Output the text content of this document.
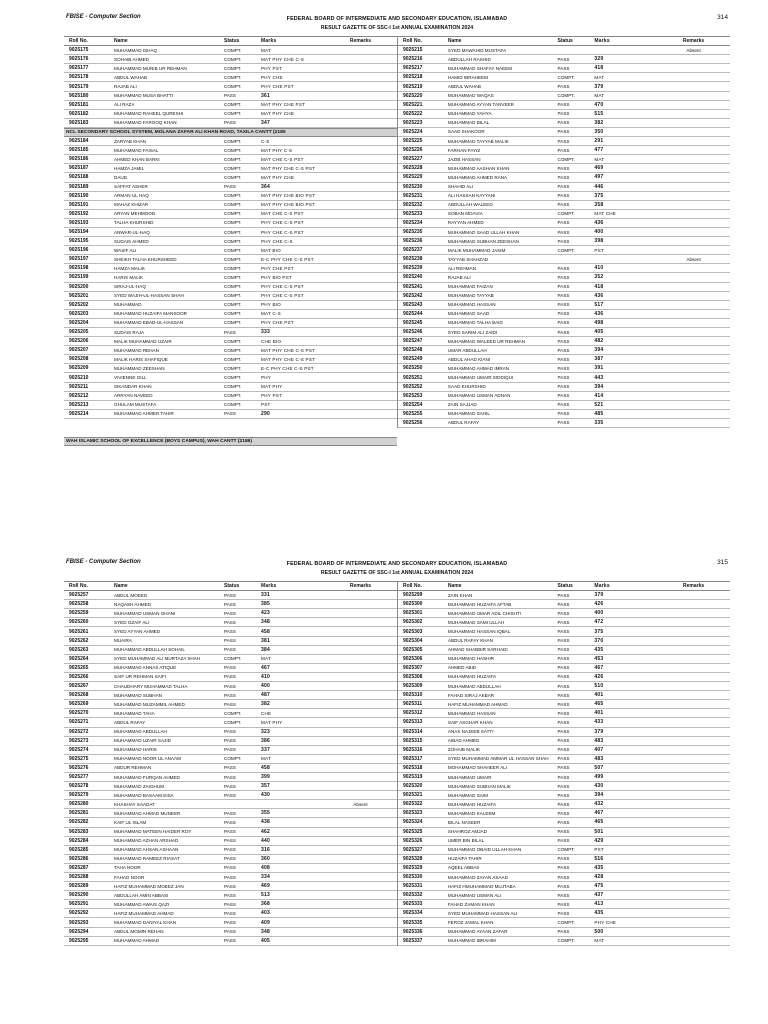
FBISE - Computer Section	314
FEDERAL BOARD OF INTERMEDIATE AND SECONDARY EDUCATION, ISLAMABAD
RESULT GAZETTE OF SSC-I 1st ANNUAL EXAMINATION 2024
Roll No.	Name	Status	Marks	Remarks
9025175	MUHAMMAD ISHAQ	COMPT.	MAT
9025176	SOHAIB AHMED	COMPT.	MAT PHY CHE C-S
9025177	MUHAMMAD MUNIB UR REHMAN	COMPT.	PHY PST
9025178	ABDUL WAHAB	COMPT.	PHY CHE
9025179	RAJAB ALI	COMPT.	PHY CHE PST
9025180	MUHAMMAD MUSA BHATTI	PASS	361
9025181	ALI RAZA	COMPT.	MAT PHY CHE PST
9025182	MUHAMMAD RAHEEL QURESHI	COMPT.	MAT PHY CHE
9025183	MUHAMMAD FAROOQ KHAN	PASS	347
9025184	ZARYAB KHAN	COMPT.	C-S
9025185	MUHAMMAD FAISAL	COMPT.	MAT PHY C-S
9025186	AHMED KHAN BARKI	COMPT.	MAT CHE C-S PST
9025187	HAMZA JAMIL	COMPT.	MAT PHY CHE C-S PST
9025188	DAUD	COMPT.	MAT PHY CHE
9025189	SAFFAT ASHER	PASS	364
9025190	ARMAN UL HAQ	COMPT.	MAT PHY CHE BIO PST
9025191	MAHAZ KHIZAR	COMPT.	MAT PHY CHE BIO PST
9025192	ARYAN MEHMOOD	COMPT.	MAT CHE C-S PST
9025193	TALHA KHURSHID	COMPT.	PHY CHE C-S PST
9025194	ANWAR-UL-HAQ	COMPT.	PHY CHE C-S PST
9025195	SUDAIS AHMED	COMPT.	PHY CHE C-S
9025196	WASIF ALI	COMPT.	MAT BIO
9025197	SHEIKH TALHA KHURSHEED	COMPT.	E-C PHY CHE C-S PST
9025198	HAMZA MALIK	COMPT.	PHY CHE PST
9025199	HARIS MALIK	COMPT.	PHY BIO PST
9025200	SIRAJ-UL-HAQ	COMPT.	PHY CHE C-S PST
9025201	SYED WAJIH-UL-HASSAN SHAH	COMPT.	PHY CHE C-S PST
9025202	MUHAMMAD	COMPT.	PHY BIO
9025203	MUHAMMAD HUZAIFA MANSOOR	COMPT.	MAT C-S
9025204	MUHAMMAD EBAD-UL-HASSAN	COMPT.	PHY CHE PST
9025205	SUDAIS RAJA	PASS	333
9025206	MALIK MUHAMMAD UZAIR	COMPT.	CHE BIO
9025207	MUHAMMAD REHAN	COMPT.	MAT PHY CHE C-S PST
9025208	MALIK HARIS SHAFIQUE	COMPT.	MAT PHY CHE C-S PST
9025209	MUHAMMAD ZEESHAN	COMPT.	E-C PHY CHE C-S PST
9025210	VIVIENNE GILL	COMPT.	PHY
9025211	SIKANDAR KHAN	COMPT.	MAT PHY
9025212	ARRYAN NAVEED	COMPT.	PHY PST
9025213	GHULAM MUSTAFA	COMPT.	PST
9025214	MUHAMMAD AHMER TAHIR	PASS	290
Roll No.	Name	Status	Marks	Remarks
9025215	SYED MAWAHID MUSTAFA	Absent
9025216	ABDULLAH RASHID	PASS	329
9025217	MUHAMMAD SHAFAY NAEEM	PASS	418
9025218	HAMID IBRAHEEM	COMPT.	MAT
9025219	ABDUL WAHAB	PASS	379
9025220	MUHAMMAD WAQAS	COMPT.	MAT
9025221	MUHAMMAD AYYAN TANVEER	PASS	470
9025222	MUHAMMAD YAHYA	PASS	515
9025223	MUHAMMAD BILAL	PASS	382
9025224	SAAD SHAKOOR	PASS	350
9025225	MUHAMMAD TAYYAB MALIK	PASS	291
9025226	FARHAN FAYIZ	PASS	477
9025227	JAZIB HASSAN	COMPT.	MAT
9025228	MUHAMMAD AASHAN KHAN	PASS	469
9025229	MUHAMMAD AHMED RANA	PASS	497
9025230	SHAHID ALI	PASS	446
9025231	ALI HASSAN KAYYANI	PASS	375
9025232	ABDULLAH WALEED	PASS	358
9025233	SOBAN MOAVIA	COMPT.	MAT CHE
9025234	RAYYAN AHMED	PASS	436
9025235	MUHAMMAD SAAD ULLAH KHAN	PASS	400
9025236	MUHAMMAD SUBHAN ZEESHAN	PASS	398
9025237	MALIK MUHAMMAD JASIM	COMPT.	PST
9025238	TAYYAB SHAHZAD	Absent
9025239	ALI REHMAN	PASS	410
9025240	RAJAB ALI	PASS	352
9025241	MUHAMMAD FAIZAN	PASS	418
9025242	MUHAMMAD TAYYAB	PASS	436
9025243	MUHAMMAD HASSAN	PASS	517
9025244	MUHAMMAD SAAD	PASS	436
9025245	MUHAMMAD TALHA BAIG	PASS	498
9025246	SYED SARIM ALI ZAIDI	PASS	405
9025247	MUHAMMAD WALEED UR REHMAN	PASS	482
9025248	UMAR ABDULLAH	PASS	394
9025249	ABDUL AHAD KIANI	PASS	387
9025250	MUHAMMAD AHMAD IMRAN	PASS	391
9025251	MUHAMMAD UMAIR SIDDIQUI	PASS	443
9025252	SAAD KHURSHID	PASS	394
9025253	MUHAMMAD USMAN ADNAN	PASS	414
9025254	ZAIN SAJJAD	PASS	521
9025255	MUHAMMAD SAHIL	PASS	485
9025256	ABDUL RAFAY	PASS	335
NCL SECONDARY SCHOOL SYSTEM, MOLANA ZAFAR ALI KHAN ROAD, TAXILA CANTT (2185
WAH ISLAMIC SCHOOL OF EXCELLENCE (BOYS CAMPUS), WAH CANTT (2186)
FBISE - Computer Section	315
FEDERAL BOARD OF INTERMEDIATE AND SECONDARY EDUCATION, ISLAMABAD
RESULT GAZETTE OF SSC-I 1st ANNUAL EXAMINATION 2024
Roll No.	Name	Status	Marks	Remarks
9025257	ABDUL MOEED	PASS	331
9025258	NAQASH AHMED	PASS	385
9025259	MUHAMMAD USMAN GHANI	PASS	423
9025260	SYED OZAIF ALI	PASS	348
9025261	SYED AYYAN AHMED	PASS	458
9025262	MUAIRA	PASS	381
9025263	MUHAMMAD ABDULLAH SOHAIL	PASS	384
9025264	SYED MUHAMMAD ALI MURTAZA SHAH	COMPT.	MAT
9025265	MUHAMMAD ANNAS ATIQUE	PASS	467
9025266	SAIF UR REHMAN SAIFI	PASS	410
9025267	CHAUDHARY MUHAMMAD TALHA	PASS	400
9025268	MUHAMMAD SUBHAN	PASS	487
9025269	MUHAMMAD MUZAMMIL AHMED	PASS	382
9025270	MUHAMMAD TAHA	COMPT.	CHE
9025271	ABDUL RAFAY	COMPT.	MAT PHY
9025272	MUHAMMAD ABDULLAH	PASS	323
9025273	MUHAMMAD UZAIR SAJID	PASS	386
9025274	MUHAMMAD HARIS	PASS	337
9025275	MUHAMMAD NOOR UL ANAAM	COMPT.	MAT
9025276	ABDUR REHMAN	PASS	458
9025277	MUHAMMAD FURQAN AHMED	PASS	399
9025278	MUHAMMAD ZAIGHUM	PASS	357
9025279	MUHAMMAD BASAAM EISA	PASS	430
9025280	KHASHAY SAADAT	Absent
9025281	MUHAMMAD AHMAD MUNEER	PASS	355
9025282	KAIF UL ISLAM	PASS	438
9025283	MUHAMMAD MATEEN HAIDER ROY	PASS	462
9025284	MUHAMMAD AZHAN ARSHAD	PASS	440
9025285	MUHAMMAD AHSAN ASHAAN	PASS	316
9025286	MUHAMMAD RAMEEZ RIASAT	PASS	360
9025287	TAHA NOOR	PASS	408
9025288	FAHAD NOOR	PASS	334
9025289	HAFIZ MUHAMMAD MOEEZ JAN	PASS	469
9025290	ABDULLAH AMIN ABBASI	PASS	513
9025291	MUHAMMAD AWAIS QAZI	PASS	368
9025292	HAFIZ MUHAMMAD AHMAD	PASS	403
9025293	MUHAMMAD DANIYAL KHAN	PASS	409
9025294	ABDUL MOMIN REHAN	PASS	348
9025295	MUHAMMAD AHMAD	PASS	405
Roll No.	Name	Status	Marks	Remarks
9025299	ZAIN KHAN	PASS	379
9025300	MUHAMMAD HUZAIFA AFTAB	PASS	426
9025301	MUHAMMAD UMAR ADIL CHISHTI	PASS	400
9025302	MUHAMMAD SAMI ULLAH	PASS	472
9025303	MUHAMMAD HASSAN IQBAL	PASS	375
9025304	ABDUL RAFAY KHAN	PASS	370
9025305	AHMAD SHABBIR SARHADI	PASS	435
9025306	MUHAMMAD HASHIR	PASS	453
9025307	AHMED ABID	PASS	467
9025308	MUHAMMAD HUZAIFA	PASS	426
9025309	MUHAMMAD ABDULLAH	PASS	510
9025310	FAHAD SIRAJ AKBAR	PASS	401
9025311	HAFIZ MUHAMMAD AHMAD	PASS	465
9025312	MUHAMMAD HASSAN	PASS	401
9025313	SAIF ASGHAR KHAN	PASS	433
9025314	ANAS NAJEEB SATTI	PASS	379
9025315	AIBAD AHMED	PASS	483
9025316	ZOHAIB MALIK	PASS	407
9025317	SYED MUHAMMAD AMMAR UL HASSAN SHAH	PASS	483
9025318	MOHAMMAD SHAHEER ALI	PASS	507
9025319	MUHAMMAD UMAIR	PASS	499
9025320	MUHAMMAD SUBHAN MALIK	PASS	430
9025321	MUHAMMAD SAIM	PASS	394
9025322	MUHAMMAD HUZAIFA	PASS	432
9025323	MUHAMMAD KALEEM	PASS	467
9025324	BILAL NASEER	PASS	465
9025325	SHAHROZ AMJAD	PASS	501
9025326	UMER BIN BILAL	PASS	429
9025327	MUHAMMAD OBAID ULLAH KHAN	COMPT.	PST
9025328	HUZAIFA TAHIR	PASS	516
9025329	AQEEL ABBAS	PASS	435
9025330	MUHAMMAD ZAYAN ASAAD	PASS	428
9025331	HAFIZ HMUHAMMAD MUJTABA	PASS	475
9025332	MUHAMMAD USMAN ALI	PASS	437
9025333	FAHAD ZAMAN KHAN	PASS	413
9025334	SYED MUHAMMAD HASSAN ALI	PASS	435
9025335	FEROZ JAMAL KHAN	COMPT.	PHY CHE
9025336	MUHAMMAD AYAAN ZAFAR	PASS	500
9025337	MUHAMMAD IBRAHIM	COMPT.	MAT
